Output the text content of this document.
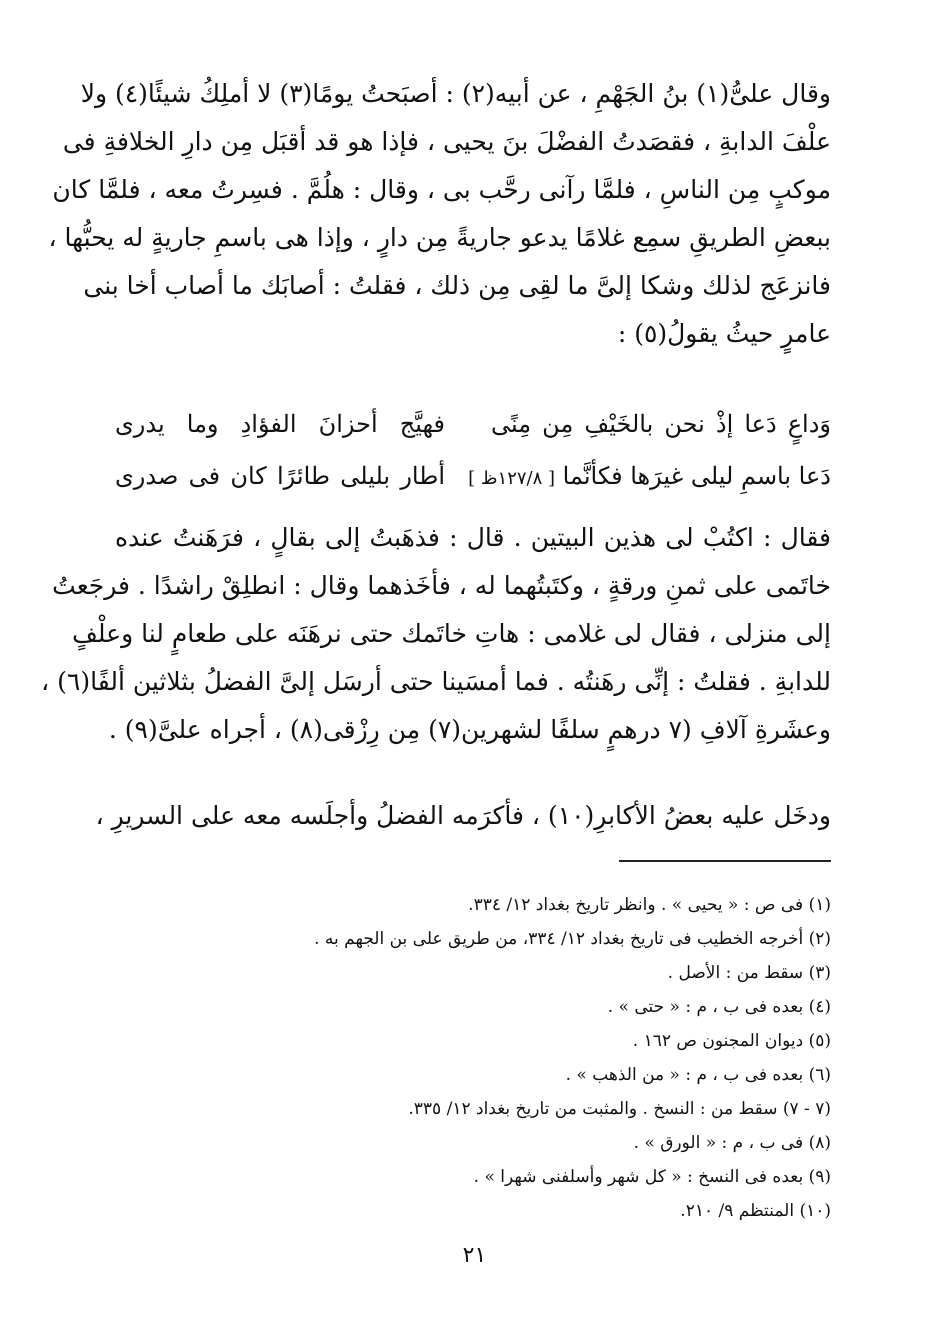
وقال علىُّ(١) بنُ الجَهْمِ ، عن أبيه(٢) : أصبَحتُ يومًا(٣) لا أملِكُ شيئًا(٤) ولا
علْفَ الدابةِ ، فقصَدتُ الفضْلَ بنَ يحيى ، فإذا هو قد أقبَل مِن دارِ الخلافةِ فى
موكبٍ مِن الناسِ ، فلمَّا رآنى رحَّب بى ، وقال : هلُمَّ . فسِرتُ معه ، فلمَّا كان
ببعضِ الطريقِ سمِع غلامًا يدعو جاريةً مِن دارٍ ، وإذا هى باسمِ جاريةٍ له يحبُّها ،
فانزعَج لذلك وشكا إلىَّ ما لقِى مِن ذلك ، فقلتُ : أصابَك ما أصاب أخا بنى
عامرٍ حيثُ يقولُ(٥) :
وَداعٍ دَعا إذْ نحن بالخَيْفِ مِن مِنًى
فهيَّج أحزانَ الفؤادِ وما يدرى
دَعا باسمِ ليلى غيرَها فكأنَّما [ ١٢٧/٨ظ ]
أطار بليلى طائرًا كان فى صدرى
فقال : اكتُبْ لى هذين البيتين . قال : فذهَبتُ إلى بقالٍ ، فرَهَنتُ عنده
خاتَمى على ثمنِ ورقةٍ ، وكتَبتُهما له ، فأخَذهما وقال : انطلِقْ راشدًا . فرجَعتُ
إلى منزلى ، فقال لى غلامى : هاتِ خاتَمك حتى نرهَنَه على طعامٍ لنا وعلْفٍ
للدابةِ . فقلتُ : إنِّى رهَنتُه . فما أمسَينا حتى أرسَل إلىَّ الفضلُ بثلاثين ألفًا(٦) ،
وعشَرةِ آلافِ (٧ درهمٍ سلفًا لشهرين(٧) مِن رِزْقى(٨) ، أجراه علىَّ(٩) .
ودخَل عليه بعضُ الأكابرِ(١٠) ، فأكرَمه الفضلُ وأجلَسه معه على السريرِ ،
(١) فى ص : « يحيى » . وانظر تاريخ بغداد ١٢/ ٣٣٤.
(٢) أخرجه الخطيب فى تاريخ بغداد ١٢/ ٣٣٤، من طريق على بن الجهم به .
(٣) سقط من : الأصل .
(٤) بعده فى ب ، م : « حتى » .
(٥) ديوان المجنون ص ١٦٢ .
(٦) بعده فى ب ، م : « من الذهب » .
(٧ - ٧) سقط من : النسخ . والمثبت من تاريخ بغداد ١٢/ ٣٣٥.
(٨) فى ب ، م : « الورق » .
(٩) بعده فى النسخ : « كل شهر وأسلفنى شهرا » .
(١٠) المنتظم ٩/ ٢١٠.
٢١
